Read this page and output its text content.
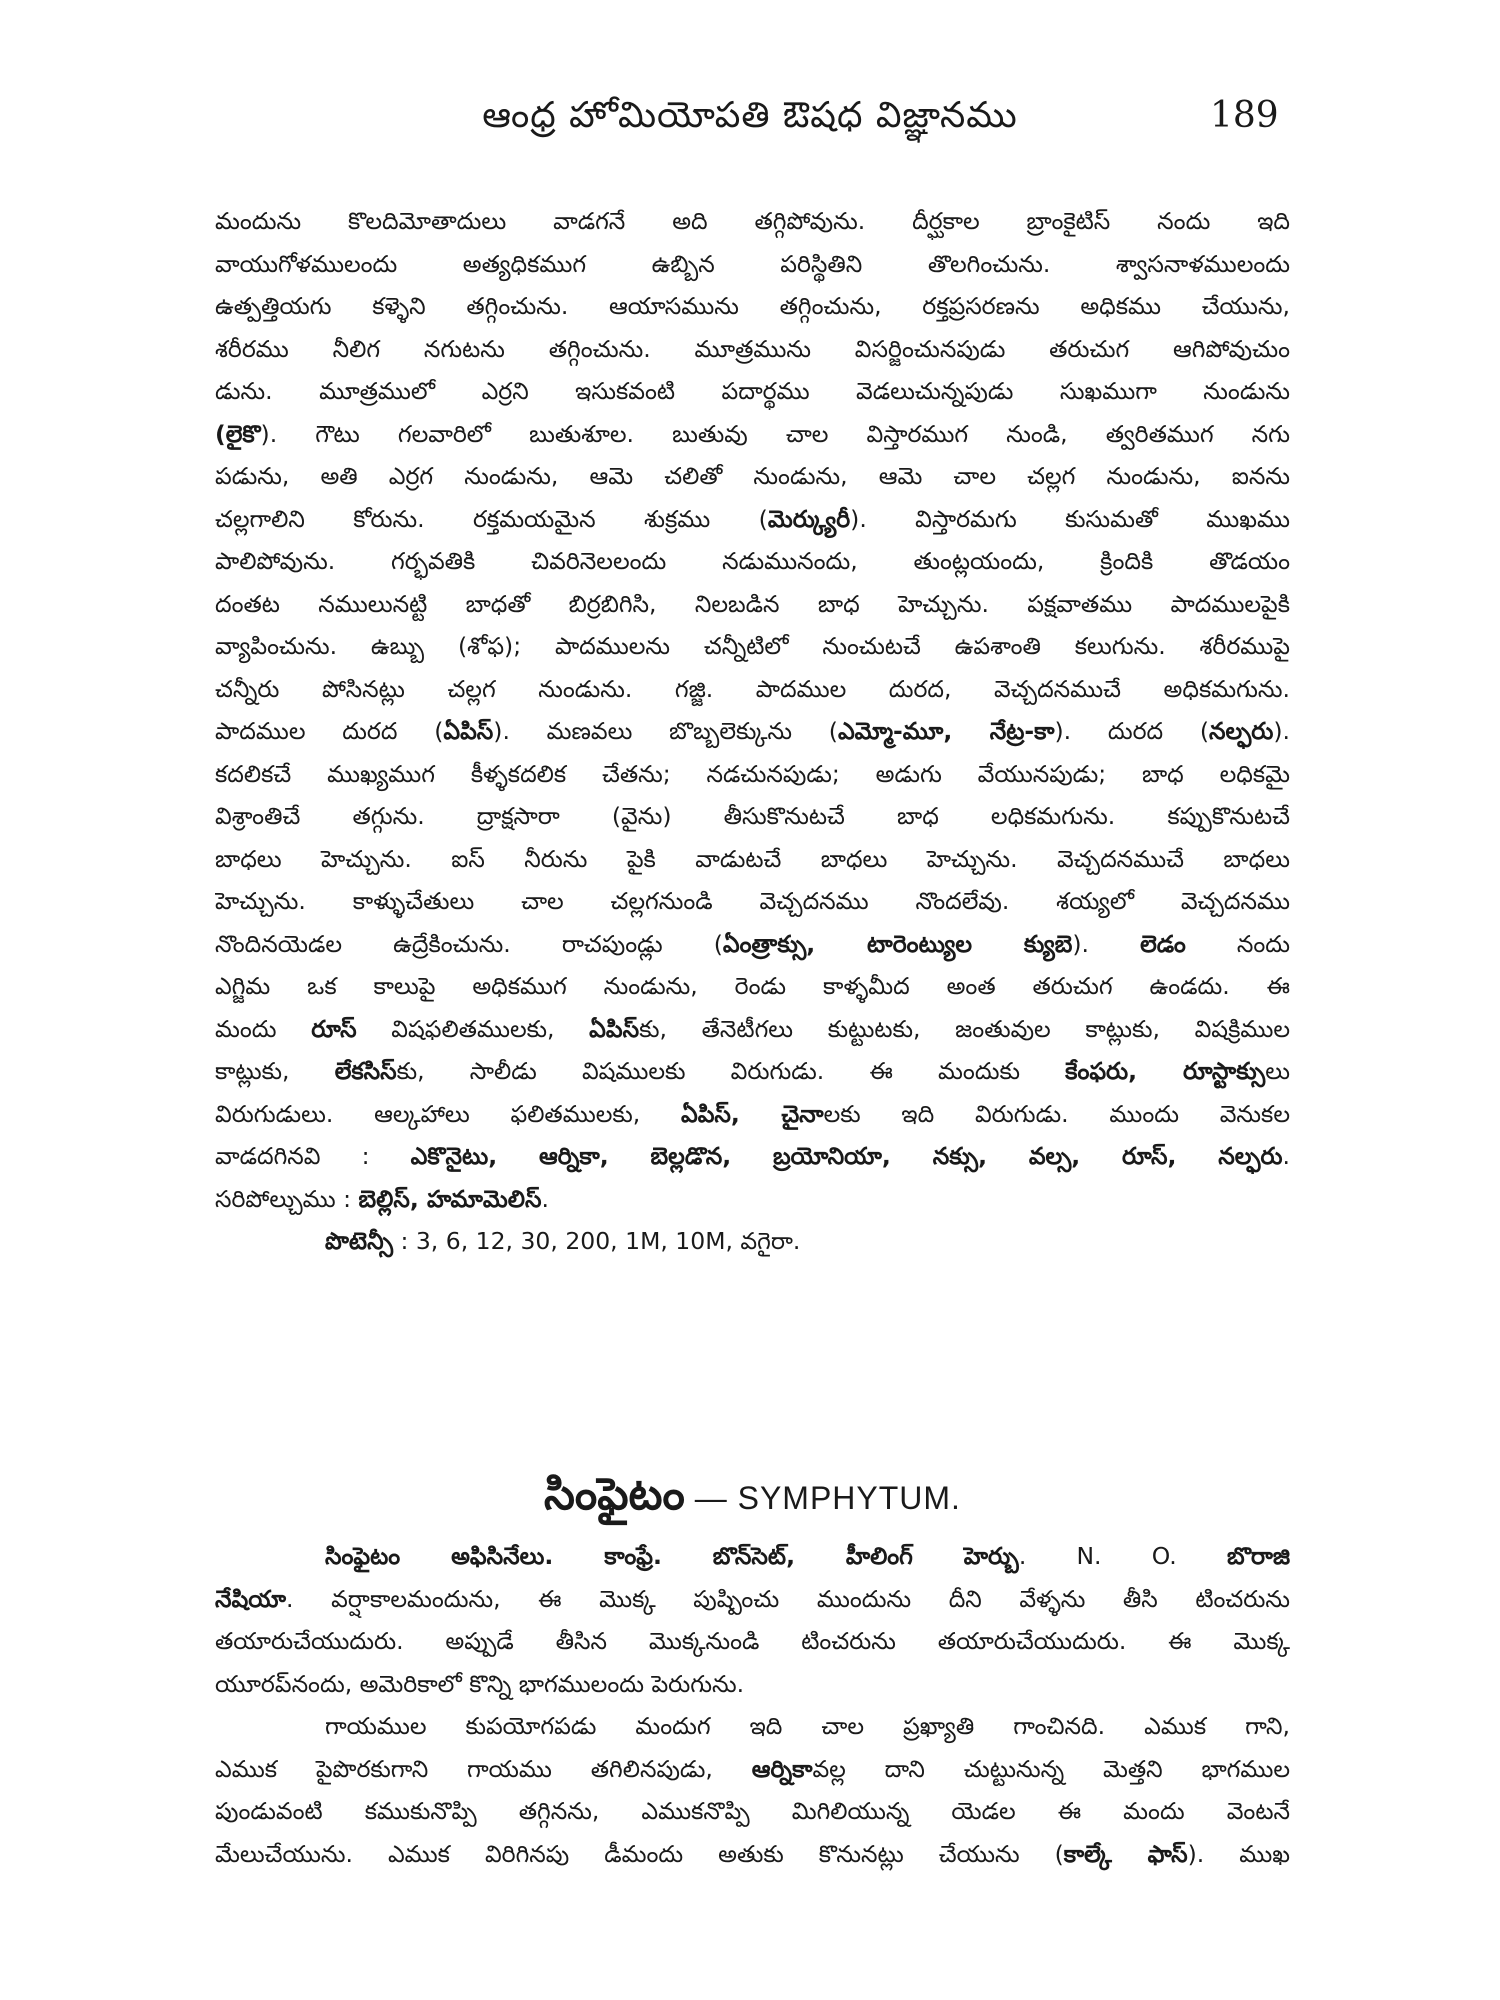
ఆంధ్ర హోమియోపతి ఔషధ విజ్ఞానము	189
మందును కొలదిమోతాదులు వాడగనే అది తగ్గిపోవును. దీర్ఘకాల బ్రాంకైటిస్ నందు ఇది
వాయుగోళములందు అత్యధికముగ ఉబ్బిన పరిస్థితిని తొలగించును. శ్వాసనాళములందు
ఉత్పత్తియగు కళ్ళెని తగ్గించును. ఆయాసమును తగ్గించును, రక్తప్రసరణను అధికము చేయును,
శరీరము నీలిగ నగుటను తగ్గించును. మూత్రమును విసర్జించునపుడు తరుచుగ ఆగిపోవుచుం
డును. మూత్రములో ఎర్రని ఇసుకవంటి పదార్థము వెడలుచున్నపుడు సుఖముగా నుండును
(లైకొ). గౌటు గలవారిలో బుతుశూల. బుతువు చాల విస్తారముగ నుండి, త్వరితముగ నగు
పడును, అతి ఎర్రగ నుండును, ఆమె చలితో నుండును, ఆమె చాల చల్లగ నుండును, ఐనను
చల్లగాలిని కోరును. రక్తమయమైన శుక్రము (మెర్క్యురీ). విస్తారమగు కుసుమతో ముఖము
పాలిపోవును. గర్భవతికి చివరినెలలందు నడుమునందు, తుంట్లయందు, క్రిందికి తొడయం
దంతట నములునట్టి బాధతో బిర్రబిగిసి, నిలబడిన బాధ హెచ్చును. పక్షవాతము పాదములపైకి
వ్యాపించును. ఉబ్బు (శోఫ); పాదములను చన్నీటిలో నుంచుటచే ఉపశాంతి కలుగును. శరీరముపై
చన్నీరు పోసినట్లు చల్లగ నుండును. గజ్జి. పాదముల దురద, వెచ్చదనముచే అధికమగును.
పాదముల దురద (ఏపిస్). మణవలు బొబ్బలెక్కును (ఎమ్మో-మూ, నేట్ర-కా). దురద (నల్ఫరు).
కదలికచే ముఖ్యముగ కీళ్ళకదలిక చేతను; నడచునపుడు; అడుగు వేయునపుడు; బాధ లధికమై
విశ్రాంతిచే తగ్గును. ద్రాక్షసారా (వైను) తీసుకొనుటచే బాధ లధికమగును. కప్పుకొనుటచే
బాధలు హెచ్చును. ఐస్ నీరును పైకి వాడుటచే బాధలు హెచ్చును. వెచ్చదనముచే బాధలు
హెచ్చును. కాళ్ళుచేతులు చాల చల్లగనుండి వెచ్చదనము నొందలేవు. శయ్యలో వెచ్చదనము
నొందినయెడల ఉద్రేకించును. రాచపుండ్లు (ఏంత్రాక్సు, టారెంట్యుల క్యుబె). లెడం నందు
ఎగ్జిమ ఒక కాలుపై అధికముగ నుండును, రెండు కాళ్ళమీద అంత తరుచుగ ఉండదు. ఈ
మందు రూస్ విషఫలితములకు, ఏపిస్కు, తేనెటీగలు కుట్టుటకు, జంతువుల కాట్లుకు, విషక్రిముల
కాట్లుకు, లేకసిస్కు, సాలీడు విషములకు విరుగుడు. ఈ మందుకు కేంఫరు, రూస్టాక్సులు
విరుగుడులు. ఆల్కహాలు ఫలితములకు, ఏపిస్, చైనాలకు ఇది విరుగుడు. ముందు వెనుకల
వాడదగినవి : ఎకొనైటు, ఆర్నికా, బెల్లడొన, బ్రయోనియా, నక్సు, వల్స, రూస్, నల్ఫరు.
సరిపోల్చుము : బెల్లిస్, హమామెలిస్.
పొటెన్సీ : 3, 6, 12, 30, 200, 1M, 10M, వగైరా.
సింఫైటం — SYMPHYTUM.
సింఫైటం అఫిసినేలు. కాంఫ్రే. బొన్‌సెట్, హీలింగ్ హెర్బు. N. O. బొరాజి
నేషియా. వర్షాకాలమందును, ఈ మొక్క పుష్పించు ముందును దీని వేళ్ళను తీసి టించరును
తయారుచేయుదురు. అప్పుడే తీసిన మొక్కనుండి టించరును తయారుచేయుదురు. ఈ మొక్క
యూరప్‌నందు, అమెరికాలో కొన్ని భాగములందు పెరుగును.
గాయముల కుపయోగపడు మందుగ ఇది చాల ప్రఖ్యాతి గాంచినది. ఎముక గాని,
ఎముక పైపొరకుగాని గాయము తగిలినపుడు, ఆర్నికావల్ల దాని చుట్టునున్న మెత్తని భాగముల
పుండువంటి కముకునొప్పి తగ్గినను, ఎముకనొప్పి మిగిలియున్న యెడల ఈ మందు వెంటనే
మేలుచేయును. ఎముక విరిగినపు డీమందు అతుకు కొనునట్లు చేయును (కాల్కే ఫాస్). ముఖ
